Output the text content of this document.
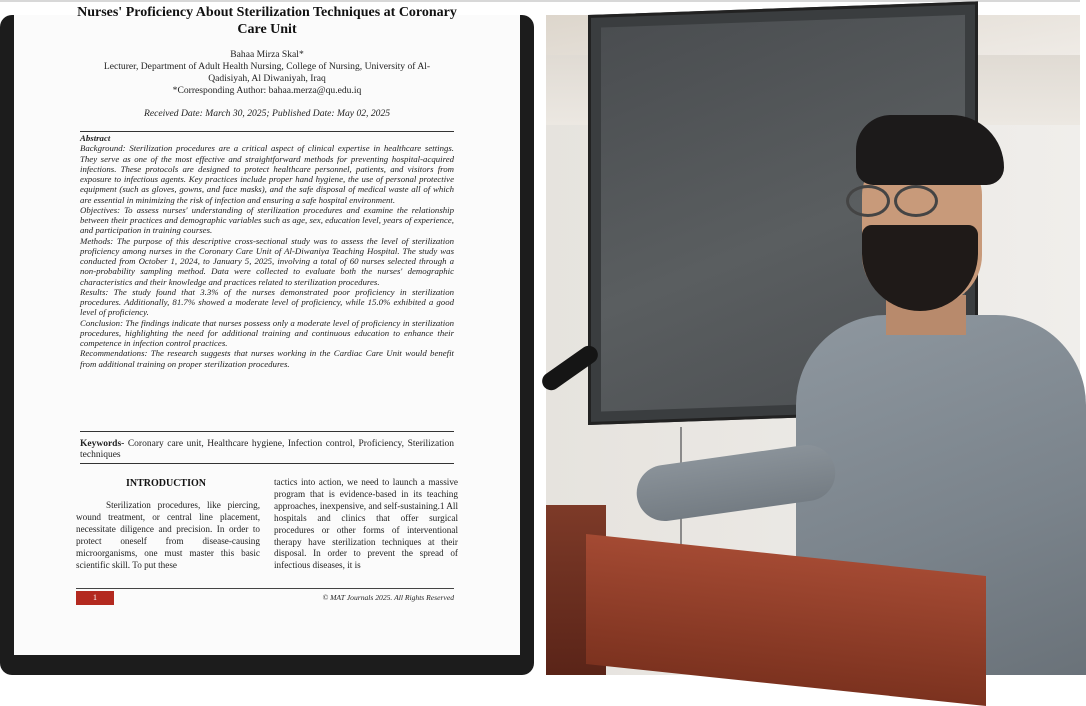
Nurses' Proficiency About Sterilization Techniques at Coronary
Care Unit
Bahaa Mirza Skal*
Lecturer, Department of Adult Health Nursing, College of Nursing, University of Al-
Qadisiyah, Al Diwaniyah, Iraq
*Corresponding Author: bahaa.merza@qu.edu.iq
Received Date: March 30, 2025; Published Date: May 02, 2025

Abstract

Background: Sterilization procedures are a critical aspect of clinical expertise in healthcare settings. They serve as one of the most effective and straightforward methods for preventing hospital-acquired infections. These protocols are designed to protect healthcare personnel, patients, and visitors from exposure to infectious agents. Key practices include proper hand hygiene, the use of personal protective equipment (such as gloves, gowns, and face masks), and the safe disposal of medical waste all of which are essential in minimizing the risk of infection and ensuring a safe hospital environment.

Objectives: To assess nurses' understanding of sterilization procedures and examine the relationship between their practices and demographic variables such as age, sex, education level, years of experience, and participation in training courses.

Methods: The purpose of this descriptive cross-sectional study was to assess the level of sterilization proficiency among nurses in the Coronary Care Unit of Al-Diwaniya Teaching Hospital. The study was conducted from October 1, 2024, to January 5, 2025, involving a total of 60 nurses selected through a non-probability sampling method. Data were collected to evaluate both the nurses' demographic characteristics and their knowledge and practices related to sterilization procedures.

Results: The study found that 3.3% of the nurses demonstrated poor proficiency in sterilization procedures. Additionally, 81.7% showed a moderate level of proficiency, while 15.0% exhibited a good level of proficiency.

Conclusion: The findings indicate that nurses possess only a moderate level of proficiency in sterilization procedures, highlighting the need for additional training and continuous education to enhance their competence in infection control practices.

Recommendations: The research suggests that nurses working in the Cardiac Care Unit would benefit from additional training on proper sterilization procedures.

Keywords- Coronary care unit, Healthcare hygiene, Infection control, Proficiency, Sterilization techniques
INTRODUCTION

Sterilization procedures, like piercing, wound treatment, or central line placement, necessitate diligence and precision. In order to protect oneself from disease-causing microorganisms, one must master this basic scientific skill. To put these

tactics into action, we need to launch a massive program that is evidence-based in its teaching approaches, inexpensive, and self-sustaining.1 All hospitals and clinics that offer surgical procedures or other forms of interventional therapy have sterilization techniques at their disposal. In order to prevent the spread of infectious diseases, it is

1	© MAT Journals 2025. All Rights Reserved
